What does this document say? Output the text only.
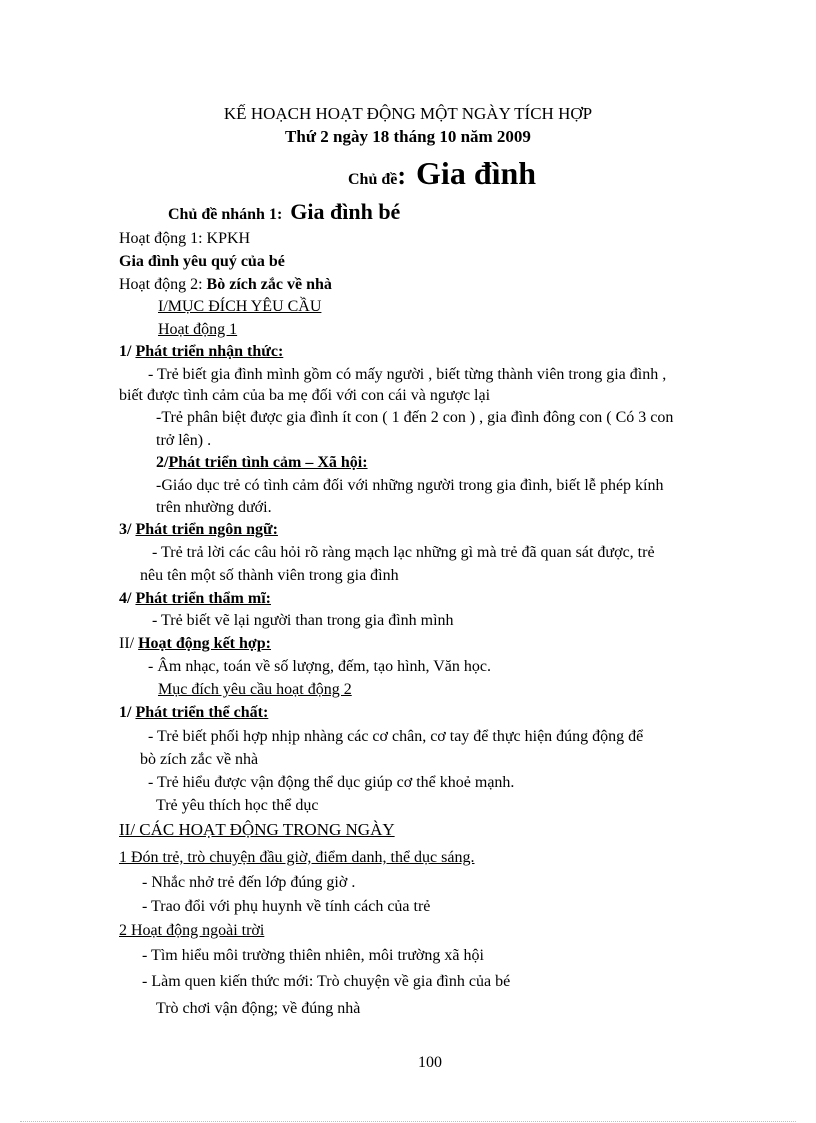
KẾ HOẠCH HOẠT ĐỘNG MỘT NGÀY TÍCH HỢP
Thứ 2 ngày 18 tháng 10 năm 2009
Chủ đề: Gia đình
Chủ đề nhánh 1: Gia đình bé
Hoạt động 1: KPKH
Gia đình yêu quý của bé
Hoạt động 2: Bò zích zắc về nhà
I/MỤC ĐÍCH YÊU CẦU
Hoạt động 1
1/ Phát triển nhận thức:
- Trẻ biết gia đình mình gồm có mấy người , biết từng thành viên trong gia đình ,
biết được tình cảm của ba mẹ đối với con cái và ngược lại
-Trẻ phân biệt được gia đình ít con ( 1 đến 2 con ) , gia đình đông con ( Có 3 con
trở lên) .
2/Phát triển tình cảm – Xã hội:
-Giáo dục trẻ có tình cảm đối với những người trong gia đình, biết lễ phép kính
trên nhường dưới.
3/ Phát triển ngôn ngữ:
- Trẻ trả lời các câu hỏi rõ ràng mạch lạc những gì mà trẻ đã quan sát được, trẻ
nêu tên một số thành viên trong gia đình
4/ Phát triển thẩm mĩ:
- Trẻ biết vẽ lại người than trong gia đình mình
II/ Hoạt động kết hợp:
- Âm nhạc, toán về số lượng, đếm, tạo hình, Văn học.
Mục đích yêu cầu hoạt động 2
1/ Phát triển thể chất:
- Trẻ biết phối hợp nhịp nhàng các cơ chân, cơ tay để thực hiện đúng động để
bò zích zắc về nhà
- Trẻ hiểu được vận động thể dục giúp cơ thể khoẻ mạnh.
Trẻ yêu thích học thể dục
II/ CÁC HOẠT ĐỘNG TRONG NGÀY
1 Đón trẻ, trò chuyện đầu giờ, điểm danh, thể dục sáng.
- Nhắc nhở trẻ đến lớp đúng giờ .
- Trao đổi với phụ huynh về tính cách của trẻ
2 Hoạt động ngoài trời
- Tìm hiểu môi trường thiên nhiên, môi trường xã hội
- Làm quen kiến thức mới: Trò chuyện về gia đình của bé
Trò chơi vận động; về đúng nhà
100
